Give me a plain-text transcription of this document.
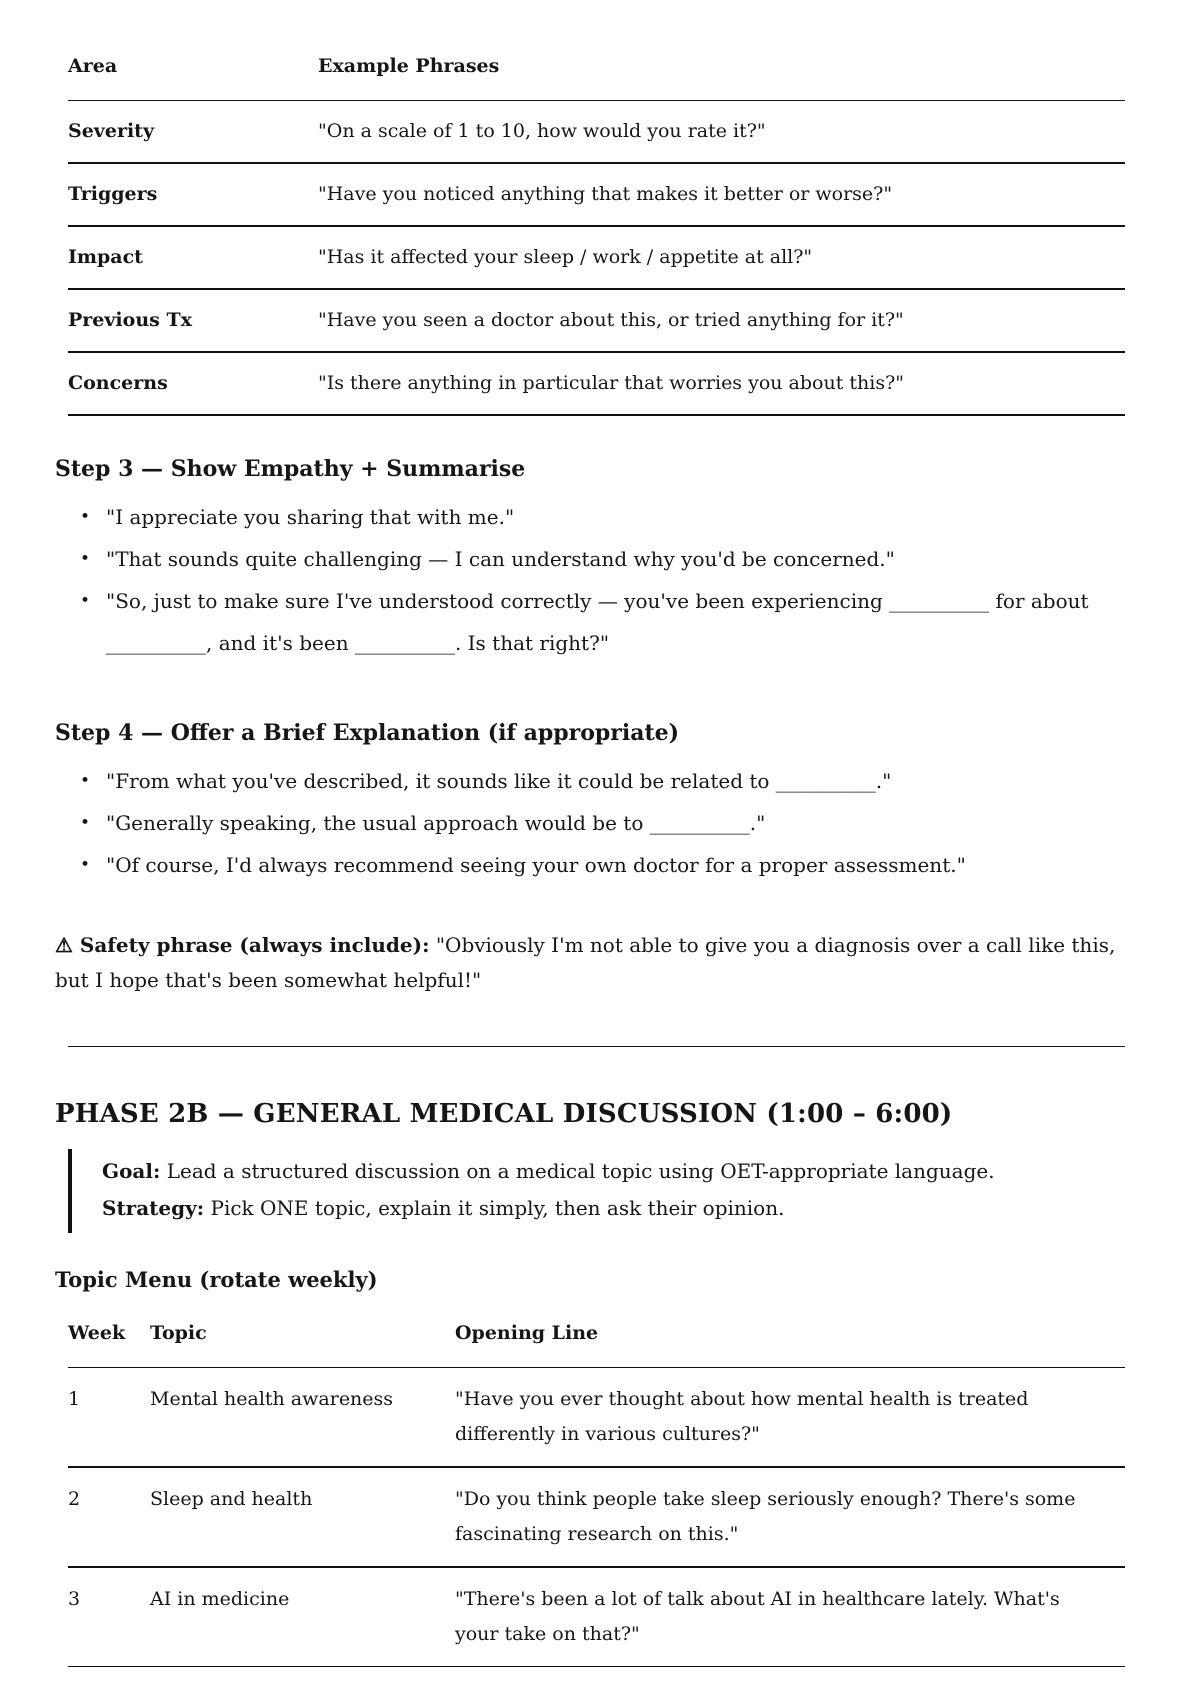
Area	Example Phrases
Severity	"On a scale of 1 to 10, how would you rate it?"
Triggers	"Have you noticed anything that makes it better or worse?"
Impact	"Has it affected your sleep / work / appetite at all?"
Previous Tx	"Have you seen a doctor about this, or tried anything for it?"
Concerns	"Is there anything in particular that worries you about this?"
Step 3 — Show Empathy + Summarise
• "I appreciate you sharing that with me."
• "That sounds quite challenging — I can understand why you'd be concerned."
• "So, just to make sure I've understood correctly — you've been experiencing __________ for about __________, and it's been __________. Is that right?"
Step 4 — Offer a Brief Explanation (if appropriate)
• "From what you've described, it sounds like it could be related to __________."
• "Generally speaking, the usual approach would be to __________."
• "Of course, I'd always recommend seeing your own doctor for a proper assessment."

⚠ Safety phrase (always include): "Obviously I'm not able to give you a diagnosis over a call like this, but I hope that's been somewhat helpful!"

PHASE 2B — GENERAL MEDICAL DISCUSSION (1:00 – 6:00)
Goal: Lead a structured discussion on a medical topic using OET-appropriate language.
Strategy: Pick ONE topic, explain it simply, then ask their opinion.
Topic Menu (rotate weekly)
Week	Topic	Opening Line
1	Mental health awareness	"Have you ever thought about how mental health is treated differently in various cultures?"
2	Sleep and health	"Do you think people take sleep seriously enough? There's some fascinating research on this."
3	AI in medicine	"There's been a lot of talk about AI in healthcare lately. What's your take on that?"
